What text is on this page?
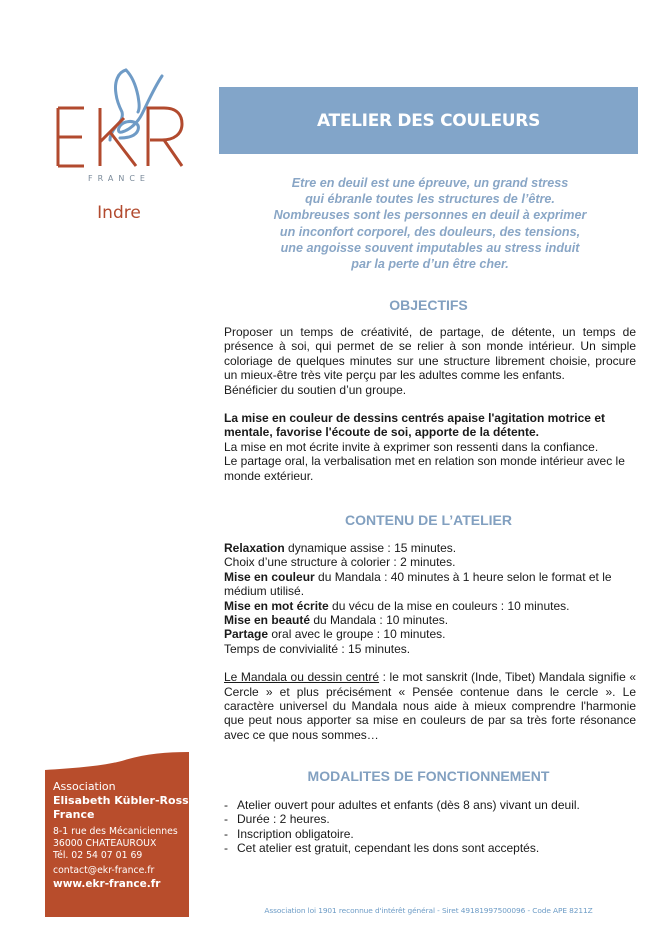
FRANCE
Indre
ATELIER DES COULEURS
Etre en deuil est une épreuve, un grand stress
qui ébranle toutes les structures de l’être.
Nombreuses sont les personnes en deuil à exprimer
un inconfort corporel, des douleurs, des tensions,
une angoisse souvent imputables au stress induit
par la perte d’un être cher.
OBJECTIFS

Proposer un temps de créativité, de partage, de détente, un temps de présence à soi, qui permet de se relier à son monde intérieur. Un simple coloriage de quelques minutes sur une structure librement choisie, procure un mieux-être très vite perçu par les adultes comme les enfants.

Bénéficier du soutien d’un groupe.

La mise en couleur de dessins centrés apaise l'agitation motrice et mentale, favorise l'écoute de soi, apporte de la détente.

La mise en mot écrite invite à exprimer son ressenti dans la confiance.

Le partage oral, la verbalisation met en relation son monde intérieur avec le monde extérieur.

CONTENU DE L’ATELIER

Relaxation dynamique assise : 15 minutes.

Choix d’une structure à colorier : 2 minutes.

Mise en couleur du Mandala : 40 minutes à 1 heure selon le format et le médium utilisé.

Mise en mot écrite du vécu de la mise en couleurs : 10 minutes.

Mise en beauté du Mandala : 10 minutes.

Partage oral avec le groupe : 10 minutes.

Temps de convivialité : 15 minutes.

Le Mandala ou dessin centré : le mot sanskrit (Inde, Tibet) Mandala signifie « Cercle » et plus précisément « Pensée contenue dans le cercle ». Le caractère universel du Mandala nous aide à mieux comprendre l'harmonie que peut nous apporter sa mise en couleurs de par sa très forte résonance avec ce que nous sommes…

MODALITES DE FONCTIONNEMENT
- Atelier ouvert pour adultes et enfants (dès 8 ans) vivant un deuil.
- Durée : 2 heures.
- Inscription obligatoire.
- Cet atelier est gratuit, cependant les dons sont acceptés.
Association
Elisabeth Kübler-Ross
France
8-1 rue des Mécaniciennes
36000 CHATEAUROUX
Tél. 02 54 07 01 69
contact@ekr-france.fr
www.ekr-france.fr
Association loi 1901 reconnue d'intérêt général - Siret 49181997500096 - Code APE 8211Z
